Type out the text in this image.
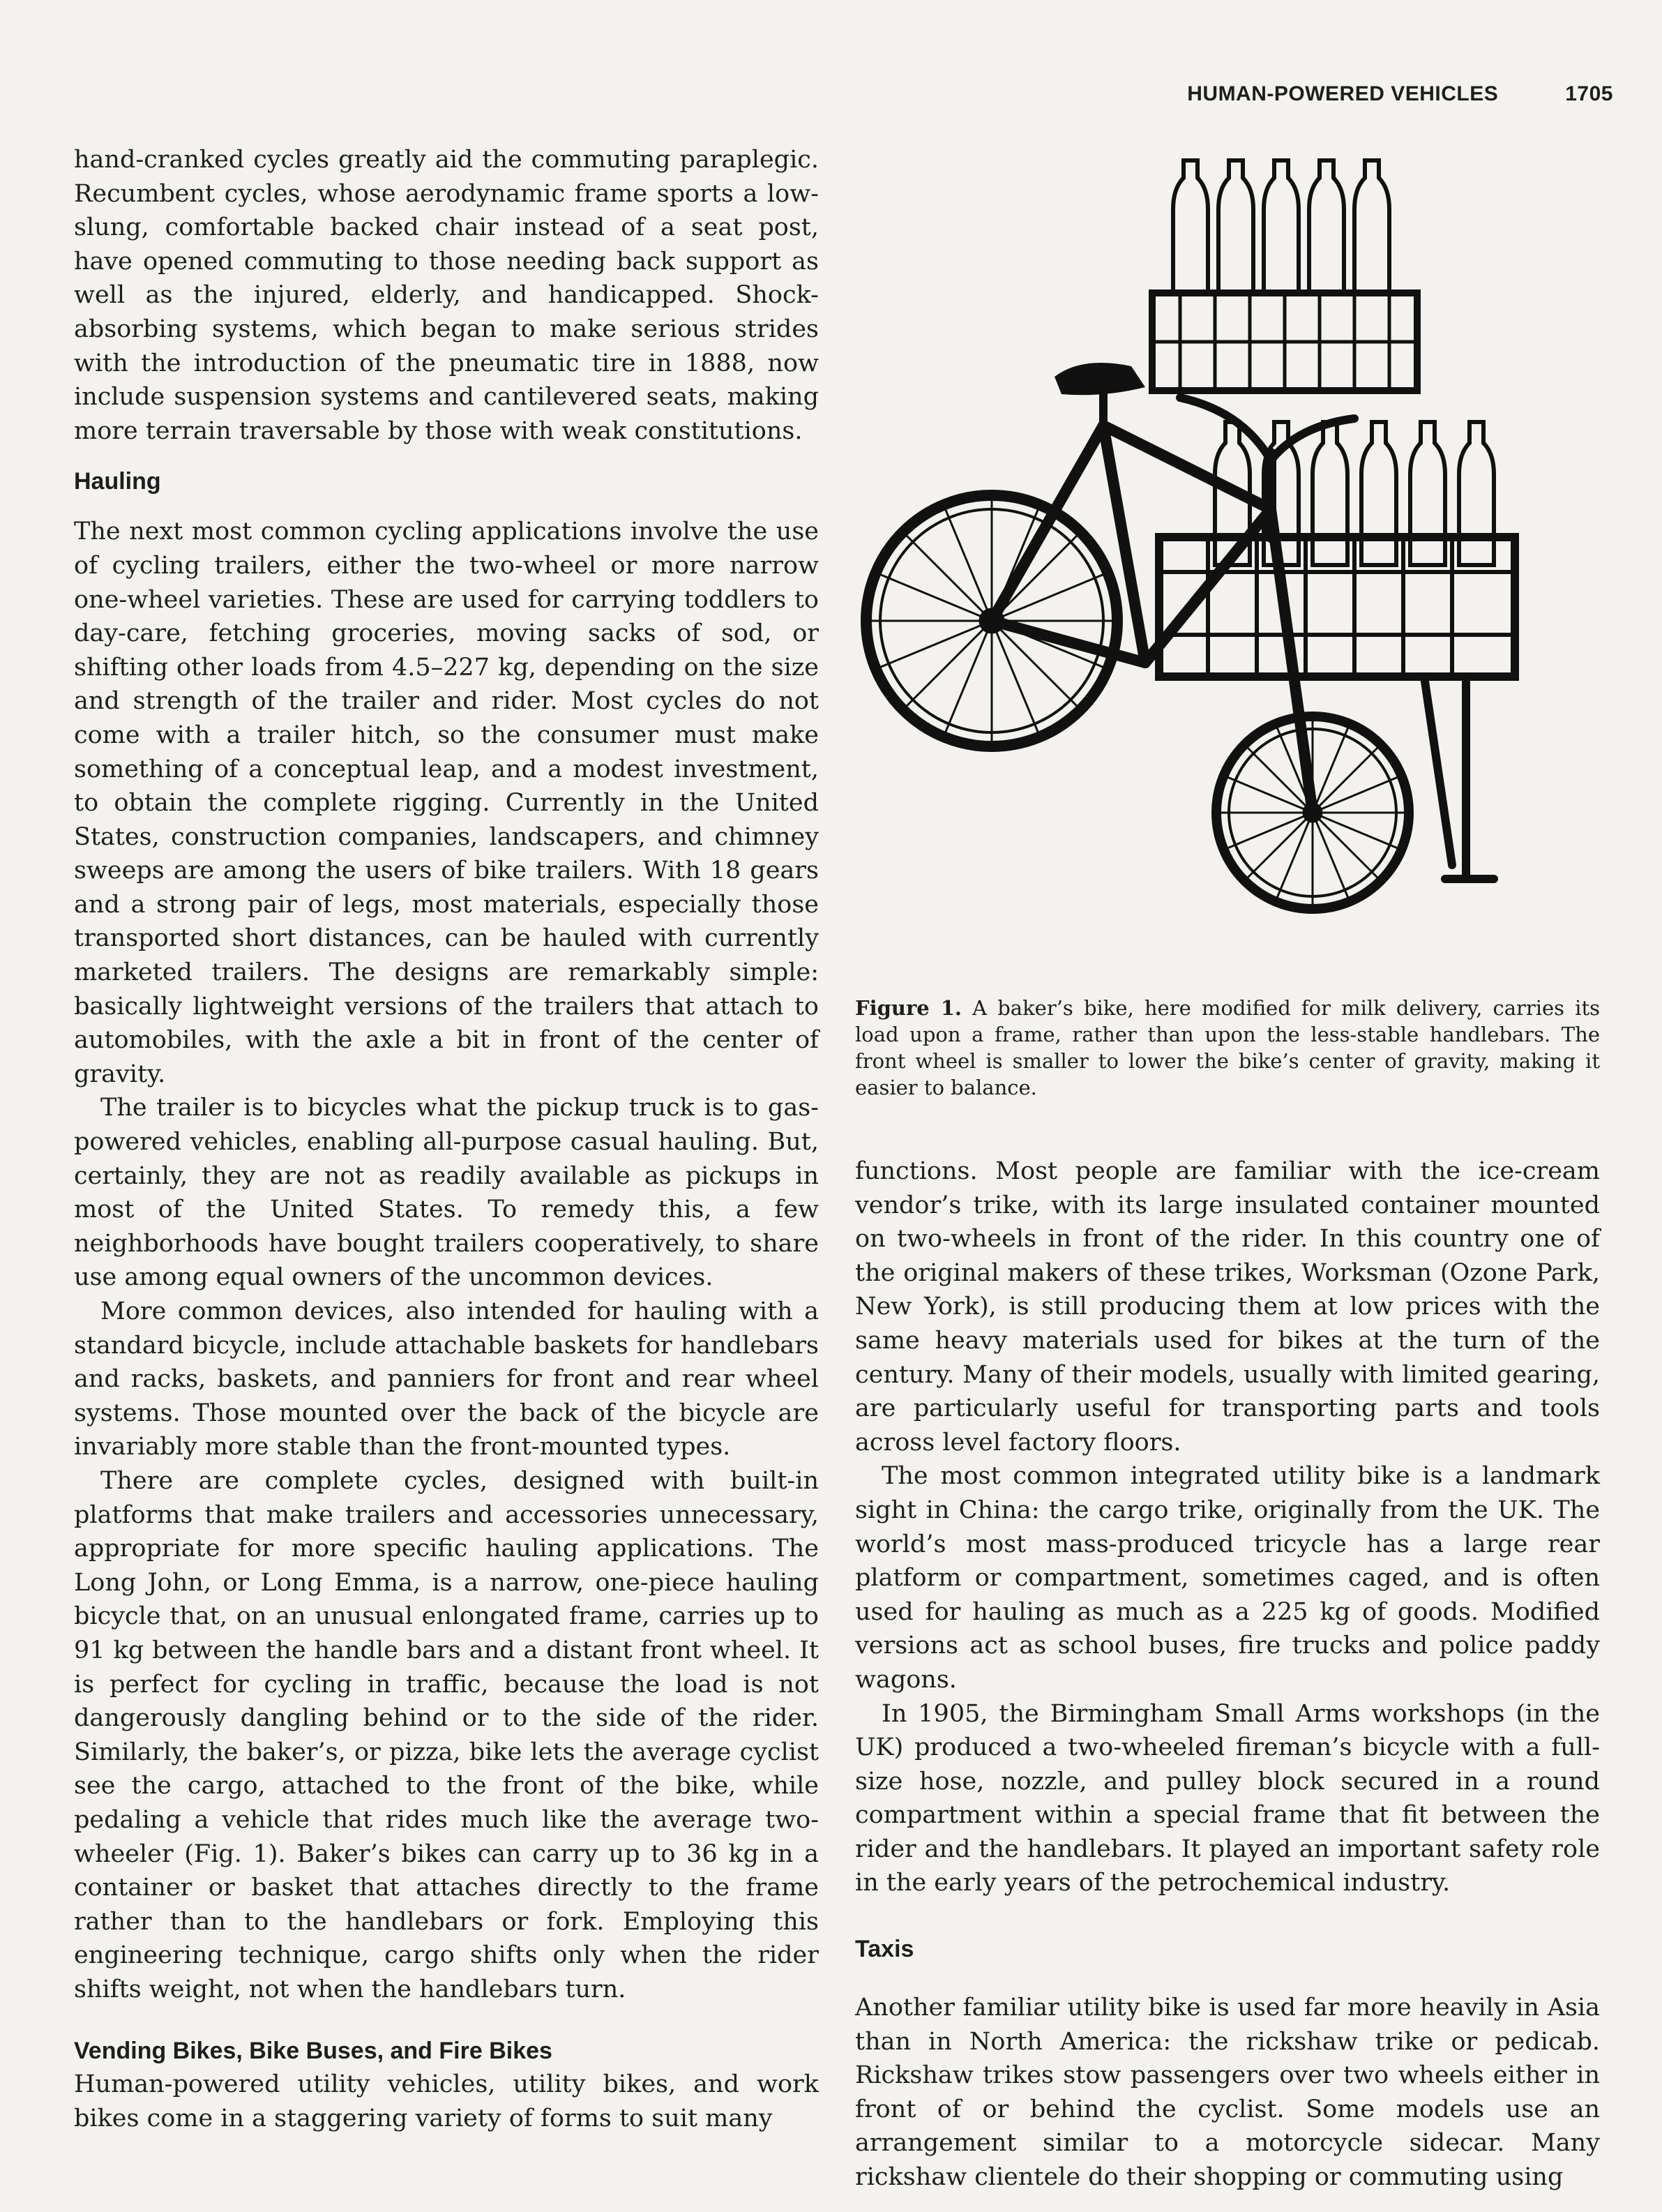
HUMAN-POWERED VEHICLES	1705

hand-cranked cycles greatly aid the commuting paraplegic. Recumbent cycles, whose aerodynamic frame sports a low-slung, comfortable backed chair instead of a seat post, have opened commuting to those needing back support as well as the injured, elderly, and handicapped. Shock-absorbing systems, which began to make serious strides with the introduction of the pneumatic tire in 1888, now include suspension systems and cantilevered seats, making more terrain traversable by those with weak constitutions.

Hauling

The next most common cycling applications involve the use of cycling trailers, either the two-wheel or more narrow one-wheel varieties. These are used for carrying toddlers to day-care, fetching groceries, moving sacks of sod, or shifting other loads from 4.5–227 kg, depending on the size and strength of the trailer and rider. Most cycles do not come with a trailer hitch, so the consumer must make something of a conceptual leap, and a modest investment, to obtain the complete rigging. Currently in the United States, construction companies, landscapers, and chimney sweeps are among the users of bike trailers. With 18 gears and a strong pair of legs, most materials, especially those transported short distances, can be hauled with currently marketed trailers. The designs are remarkably simple: basically lightweight versions of the trailers that attach to automobiles, with the axle a bit in front of the center of gravity.

The trailer is to bicycles what the pickup truck is to gas-powered vehicles, enabling all-purpose casual hauling. But, certainly, they are not as readily available as pickups in most of the United States. To remedy this, a few neighborhoods have bought trailers cooperatively, to share use among equal owners of the uncommon devices.

More common devices, also intended for hauling with a standard bicycle, include attachable baskets for handlebars and racks, baskets, and panniers for front and rear wheel systems. Those mounted over the back of the bicycle are invariably more stable than the front-mounted types.

There are complete cycles, designed with built-in platforms that make trailers and accessories unnecessary, appropriate for more specific hauling applications. The Long John, or Long Emma, is a narrow, one-piece hauling bicycle that, on an unusual enlongated frame, carries up to 91 kg between the handle bars and a distant front wheel. It is perfect for cycling in traffic, because the load is not dangerously dangling behind or to the side of the rider. Similarly, the baker’s, or pizza, bike lets the average cyclist see the cargo, attached to the front of the bike, while pedaling a vehicle that rides much like the average two-wheeler (Fig. 1). Baker’s bikes can carry up to 36 kg in a container or basket that attaches directly to the frame rather than to the handlebars or fork. Employing this engineering technique, cargo shifts only when the rider shifts weight, not when the handlebars turn.

Vending Bikes, Bike Buses, and Fire Bikes

Human-powered utility vehicles, utility bikes, and work bikes come in a staggering variety of forms to suit many

Figure 1. A baker’s bike, here modified for milk delivery, carries its load upon a frame, rather than upon the less-stable handlebars. The front wheel is smaller to lower the bike’s center of gravity, making it easier to balance.

functions. Most people are familiar with the ice-cream vendor’s trike, with its large insulated container mounted on two-wheels in front of the rider. In this country one of the original makers of these trikes, Worksman (Ozone Park, New York), is still producing them at low prices with the same heavy materials used for bikes at the turn of the century. Many of their models, usually with limited gearing, are particularly useful for transporting parts and tools across level factory floors.

The most common integrated utility bike is a landmark sight in China: the cargo trike, originally from the UK. The world’s most mass-produced tricycle has a large rear platform or compartment, sometimes caged, and is often used for hauling as much as a 225 kg of goods. Modified versions act as school buses, fire trucks and police paddy wagons.

In 1905, the Birmingham Small Arms workshops (in the UK) produced a two-wheeled fireman’s bicycle with a full-size hose, nozzle, and pulley block secured in a round compartment within a special frame that fit between the rider and the handlebars. It played an important safety role in the early years of the petrochemical industry.

Taxis

Another familiar utility bike is used far more heavily in Asia than in North America: the rickshaw trike or pedicab. Rickshaw trikes stow passengers over two wheels either in front of or behind the cyclist. Some models use an arrangement similar to a motorcycle sidecar. Many rickshaw clientele do their shopping or commuting using
